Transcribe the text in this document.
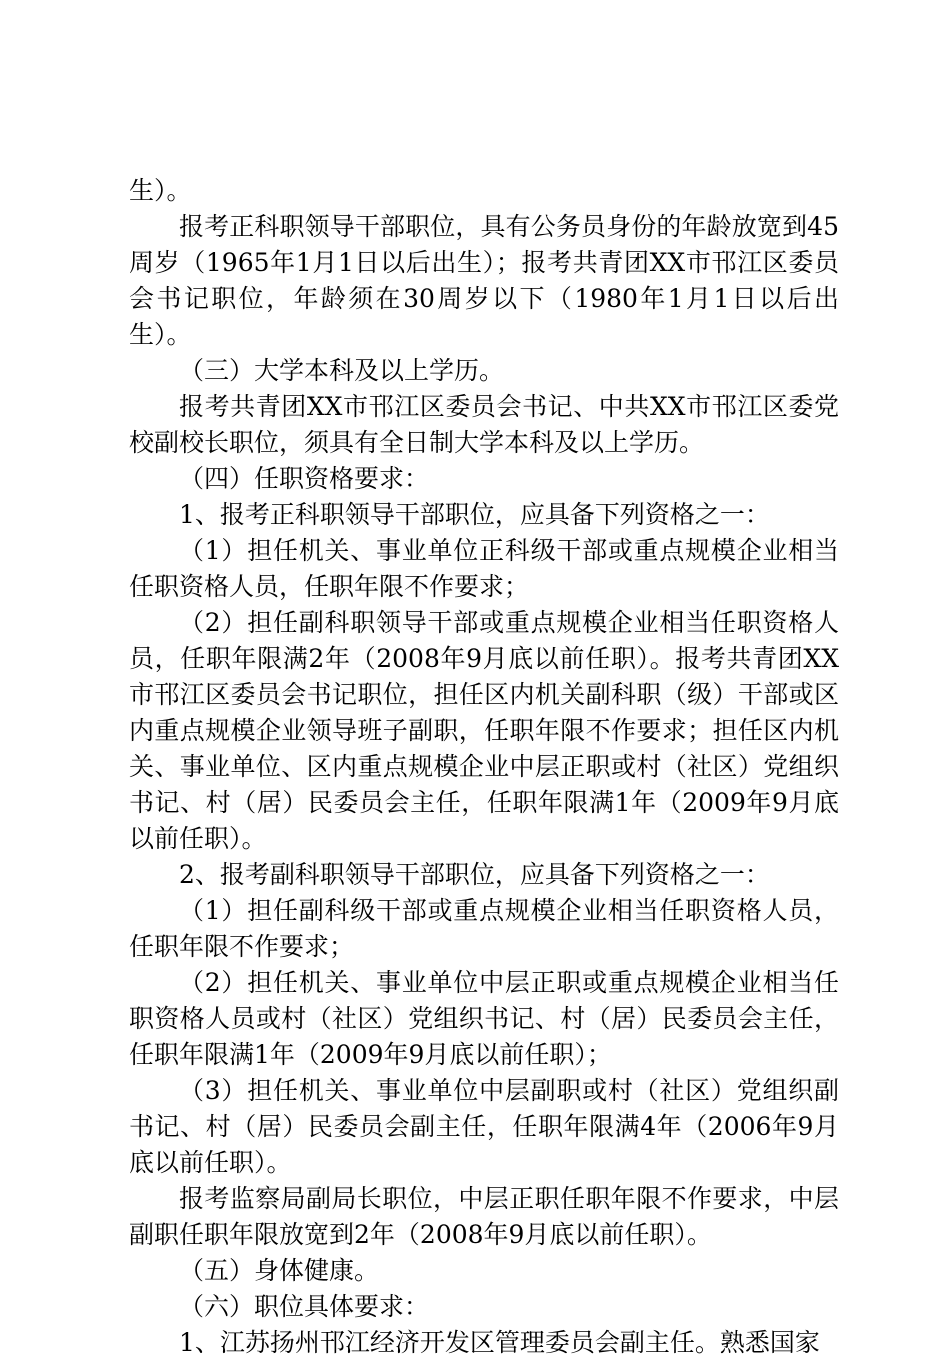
生）。

报考正科职领导干部职位，具有公务员身份的年龄放宽到45周岁（1965年1月1日以后出生）；报考共青团XX市邗江区委员会书记职位，年龄须在30周岁以下（1980年1月1日以后出生）。

（三）大学本科及以上学历。

报考共青团XX市邗江区委员会书记、中共XX市邗江区委党校副校长职位，须具有全日制大学本科及以上学历。

（四）任职资格要求：

1、报考正科职领导干部职位，应具备下列资格之一：

（1）担任机关、事业单位正科级干部或重点规模企业相当任职资格人员，任职年限不作要求；

（2）担任副科职领导干部或重点规模企业相当任职资格人员，任职年限满2年（2008年9月底以前任职）。报考共青团XX市邗江区委员会书记职位，担任区内机关副科职（级）干部或区内重点规模企业领导班子副职，任职年限不作要求；担任区内机关、事业单位、区内重点规模企业中层正职或村（社区）党组织书记、村（居）民委员会主任，任职年限满1年（2009年9月底以前任职）。

2、报考副科职领导干部职位，应具备下列资格之一：

（1）担任副科级干部或重点规模企业相当任职资格人员，任职年限不作要求；

（2）担任机关、事业单位中层正职或重点规模企业相当任职资格人员或村（社区）党组织书记、村（居）民委员会主任，任职年限满1年（2009年9月底以前任职）；

（3）担任机关、事业单位中层副职或村（社区）党组织副书记、村（居）民委员会副主任，任职年限满4年（2006年9月底以前任职）。

报考监察局副局长职位，中层正职任职年限不作要求，中层副职任职年限放宽到2年（2008年9月底以前任职）。

（五）身体健康。

（六）职位具体要求：

1、江苏扬州邗江经济开发区管理委员会副主任。熟悉国家
